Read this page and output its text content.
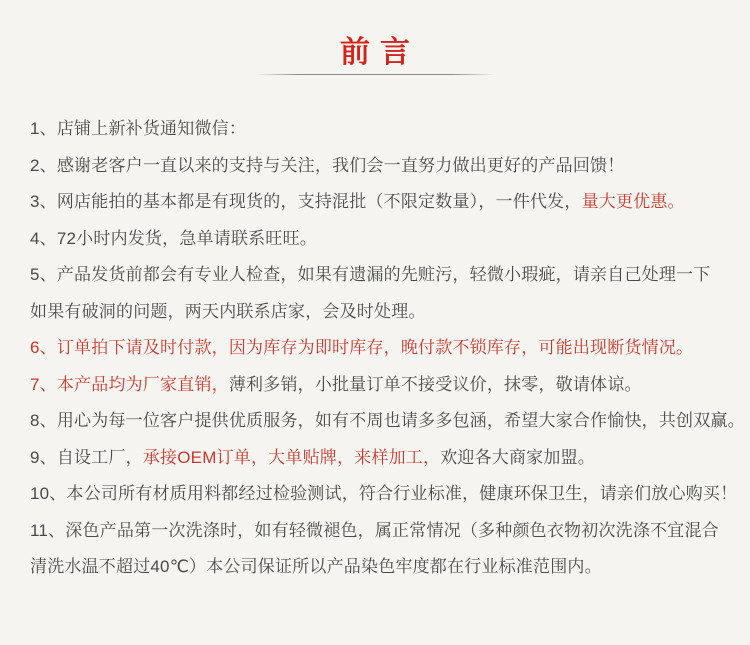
前言
1、店铺上新补货通知微信：
2、感谢老客户一直以来的支持与关注，我们会一直努力做出更好的产品回馈！
3、网店能拍的基本都是有现货的，支持混批（不限定数量），一件代发，量大更优惠。
4、72小时内发货，急单请联系旺旺。
5、产品发货前都会有专业人检查，如果有遗漏的先赃污，轻微小瑕疵，请亲自己处理一下
如果有破洞的问题，两天内联系店家，会及时处理。
6、订单拍下请及时付款，因为库存为即时库存，晚付款不锁库存，可能出现断货情况。
7、本产品均为厂家直销，薄利多销，小批量订单不接受议价，抹零，敬请体谅。
8、用心为每一位客户提供优质服务，如有不周也请多多包涵，希望大家合作愉快，共创双赢。
9、自设工厂，承接OEM订单，大单贴牌，来样加工，欢迎各大商家加盟。
10、本公司所有材质用料都经过检验测试，符合行业标准，健康环保卫生，请亲们放心购买！
11、深色产品第一次洗涤时，如有轻微褪色，属正常情况（多种颜色衣物初次洗涤不宜混合
清洗水温不超过40℃）本公司保证所以产品染色牢度都在行业标准范围内。
